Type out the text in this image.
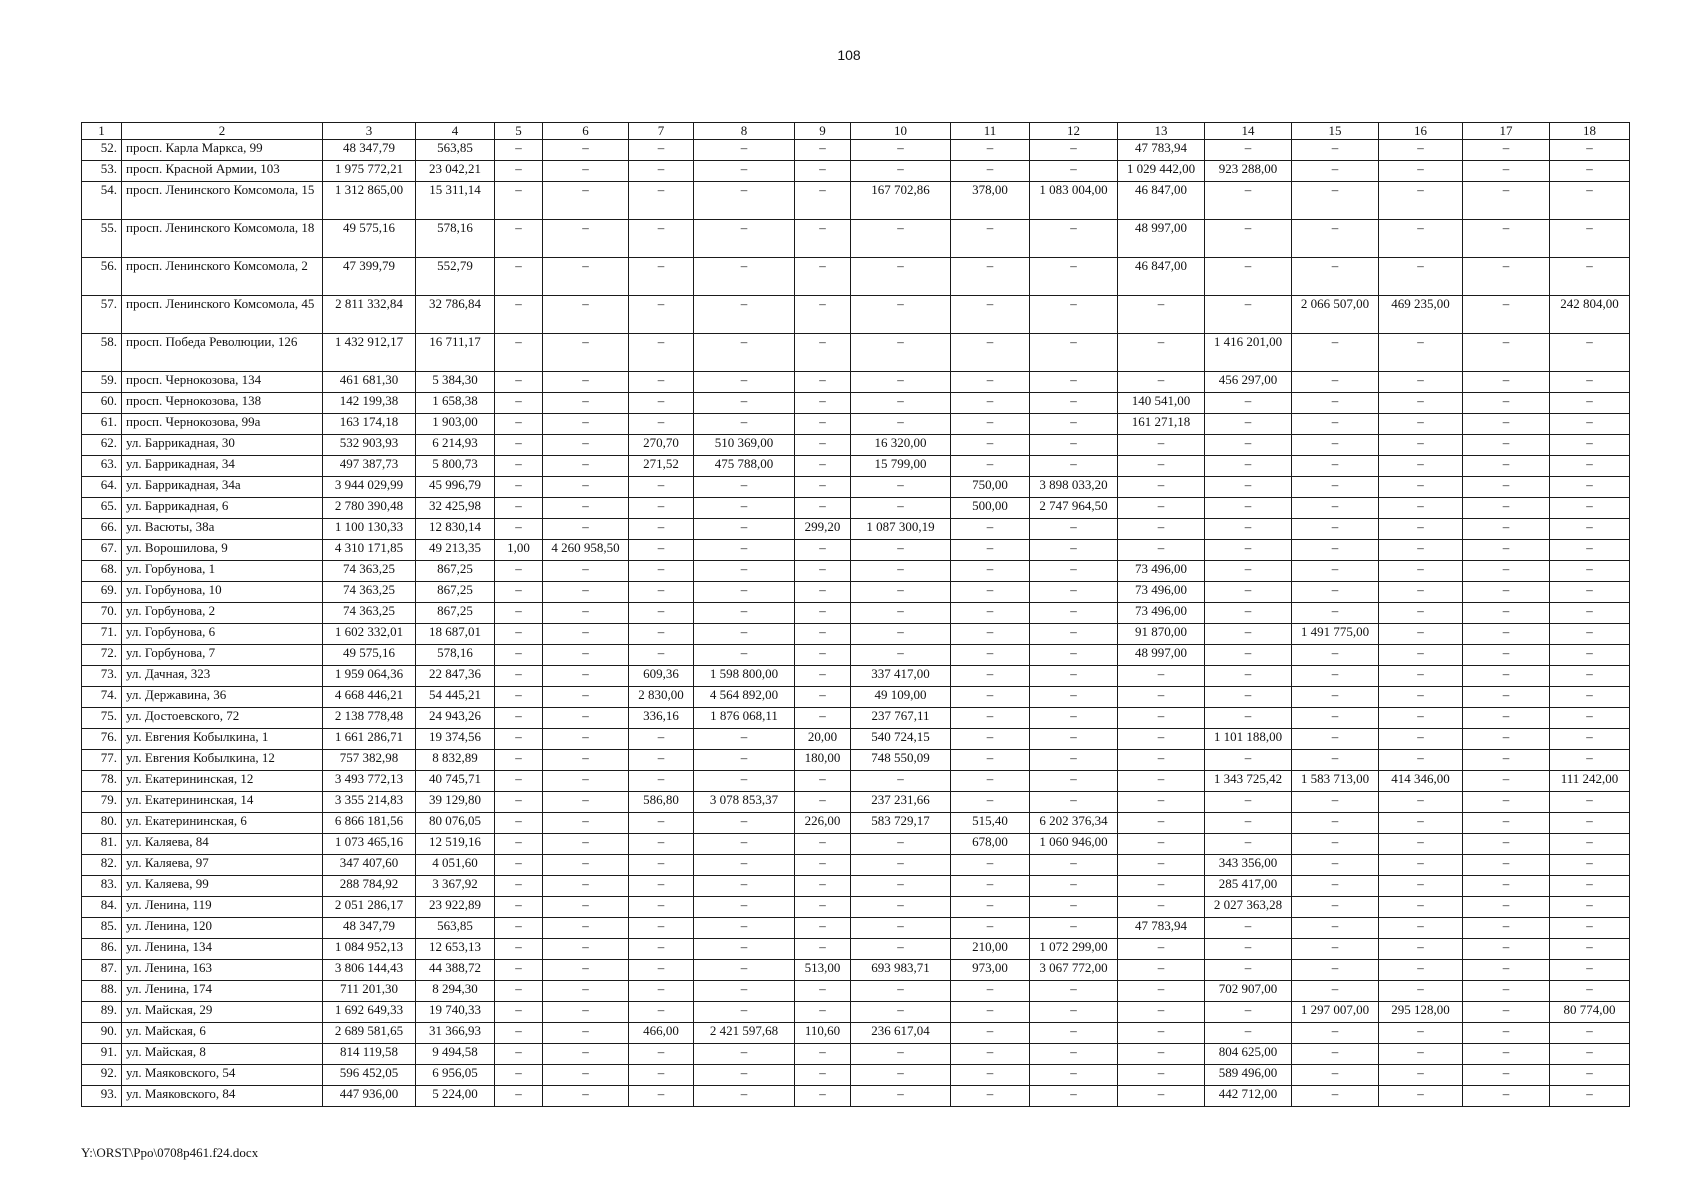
108
1	2	3	4	5	6	7	8	9	10	11	12	13	14	15	16	17	18
52.	просп. Карла Маркса, 99	48 347,79	563,85	–	–	–	–	–	–	–	–	47 783,94	–	–	–	–	–
53.	просп. Красной Армии, 103	1 975 772,21	23 042,21	–	–	–	–	–	–	–	–	1 029 442,00	923 288,00	–	–	–	–
54.	просп. Ленинского Комсомола, 15	1 312 865,00	15 311,14	–	–	–	–	–	167 702,86	378,00	1 083 004,00	46 847,00	–	–	–	–	–
55.	просп. Ленинского Комсомола, 18	49 575,16	578,16	–	–	–	–	–	–	–	–	48 997,00	–	–	–	–	–
56.	просп. Ленинского Комсомола, 2	47 399,79	552,79	–	–	–	–	–	–	–	–	46 847,00	–	–	–	–	–
57.	просп. Ленинского Комсомола, 45	2 811 332,84	32 786,84	–	–	–	–	–	–	–	–	–	–	2 066 507,00	469 235,00	–	242 804,00
58.	просп. Победа Революции, 126	1 432 912,17	16 711,17	–	–	–	–	–	–	–	–	–	1 416 201,00	–	–	–	–
59.	просп. Чернокозова, 134	461 681,30	5 384,30	–	–	–	–	–	–	–	–	–	456 297,00	–	–	–	–
60.	просп. Чернокозова, 138	142 199,38	1 658,38	–	–	–	–	–	–	–	–	140 541,00	–	–	–	–	–
61.	просп. Чернокозова, 99а	163 174,18	1 903,00	–	–	–	–	–	–	–	–	161 271,18	–	–	–	–	–
62.	ул. Баррикадная, 30	532 903,93	6 214,93	–	–	270,70	510 369,00	–	16 320,00	–	–	–	–	–	–	–	–
63.	ул. Баррикадная, 34	497 387,73	5 800,73	–	–	271,52	475 788,00	–	15 799,00	–	–	–	–	–	–	–	–
64.	ул. Баррикадная, 34а	3 944 029,99	45 996,79	–	–	–	–	–	–	750,00	3 898 033,20	–	–	–	–	–	–
65.	ул. Баррикадная, 6	2 780 390,48	32 425,98	–	–	–	–	–	–	500,00	2 747 964,50	–	–	–	–	–	–
66.	ул. Васюты, 38а	1 100 130,33	12 830,14	–	–	–	–	299,20	1 087 300,19	–	–	–	–	–	–	–	–
67.	ул. Ворошилова, 9	4 310 171,85	49 213,35	1,00	4 260 958,50	–	–	–	–	–	–	–	–	–	–	–	–
68.	ул. Горбунова, 1	74 363,25	867,25	–	–	–	–	–	–	–	–	73 496,00	–	–	–	–	–
69.	ул. Горбунова, 10	74 363,25	867,25	–	–	–	–	–	–	–	–	73 496,00	–	–	–	–	–
70.	ул. Горбунова, 2	74 363,25	867,25	–	–	–	–	–	–	–	–	73 496,00	–	–	–	–	–
71.	ул. Горбунова, 6	1 602 332,01	18 687,01	–	–	–	–	–	–	–	–	91 870,00	–	1 491 775,00	–	–	–
72.	ул. Горбунова, 7	49 575,16	578,16	–	–	–	–	–	–	–	–	48 997,00	–	–	–	–	–
73.	ул. Дачная, 323	1 959 064,36	22 847,36	–	–	609,36	1 598 800,00	–	337 417,00	–	–	–	–	–	–	–	–
74.	ул. Державина, 36	4 668 446,21	54 445,21	–	–	2 830,00	4 564 892,00	–	49 109,00	–	–	–	–	–	–	–	–
75.	ул. Достоевского, 72	2 138 778,48	24 943,26	–	–	336,16	1 876 068,11	–	237 767,11	–	–	–	–	–	–	–	–
76.	ул. Евгения Кобылкина, 1	1 661 286,71	19 374,56	–	–	–	–	20,00	540 724,15	–	–	–	1 101 188,00	–	–	–	–
77.	ул. Евгения Кобылкина, 12	757 382,98	8 832,89	–	–	–	–	180,00	748 550,09	–	–	–	–	–	–	–	–
78.	ул. Екатерининская, 12	3 493 772,13	40 745,71	–	–	–	–	–	–	–	–	–	1 343 725,42	1 583 713,00	414 346,00	–	111 242,00
79.	ул. Екатерининская, 14	3 355 214,83	39 129,80	–	–	586,80	3 078 853,37	–	237 231,66	–	–	–	–	–	–	–	–
80.	ул. Екатерининская, 6	6 866 181,56	80 076,05	–	–	–	–	226,00	583 729,17	515,40	6 202 376,34	–	–	–	–	–	–
81.	ул. Каляева, 84	1 073 465,16	12 519,16	–	–	–	–	–	–	678,00	1 060 946,00	–	–	–	–	–	–
82.	ул. Каляева, 97	347 407,60	4 051,60	–	–	–	–	–	–	–	–	–	343 356,00	–	–	–	–
83.	ул. Каляева, 99	288 784,92	3 367,92	–	–	–	–	–	–	–	–	–	285 417,00	–	–	–	–
84.	ул. Ленина, 119	2 051 286,17	23 922,89	–	–	–	–	–	–	–	–	–	2 027 363,28	–	–	–	–
85.	ул. Ленина, 120	48 347,79	563,85	–	–	–	–	–	–	–	–	47 783,94	–	–	–	–	–
86.	ул. Ленина, 134	1 084 952,13	12 653,13	–	–	–	–	–	–	210,00	1 072 299,00	–	–	–	–	–	–
87.	ул. Ленина, 163	3 806 144,43	44 388,72	–	–	–	–	513,00	693 983,71	973,00	3 067 772,00	–	–	–	–	–	–
88.	ул. Ленина, 174	711 201,30	8 294,30	–	–	–	–	–	–	–	–	–	702 907,00	–	–	–	–
89.	ул. Майская, 29	1 692 649,33	19 740,33	–	–	–	–	–	–	–	–	–	–	1 297 007,00	295 128,00	–	80 774,00
90.	ул. Майская, 6	2 689 581,65	31 366,93	–	–	466,00	2 421 597,68	110,60	236 617,04	–	–	–	–	–	–	–	–
91.	ул. Майская, 8	814 119,58	9 494,58	–	–	–	–	–	–	–	–	–	804 625,00	–	–	–	–
92.	ул. Маяковского, 54	596 452,05	6 956,05	–	–	–	–	–	–	–	–	–	589 496,00	–	–	–	–
93.	ул. Маяковского, 84	447 936,00	5 224,00	–	–	–	–	–	–	–	–	–	442 712,00	–	–	–	–
Y:\ORST\Ppo\0708p461.f24.docx
